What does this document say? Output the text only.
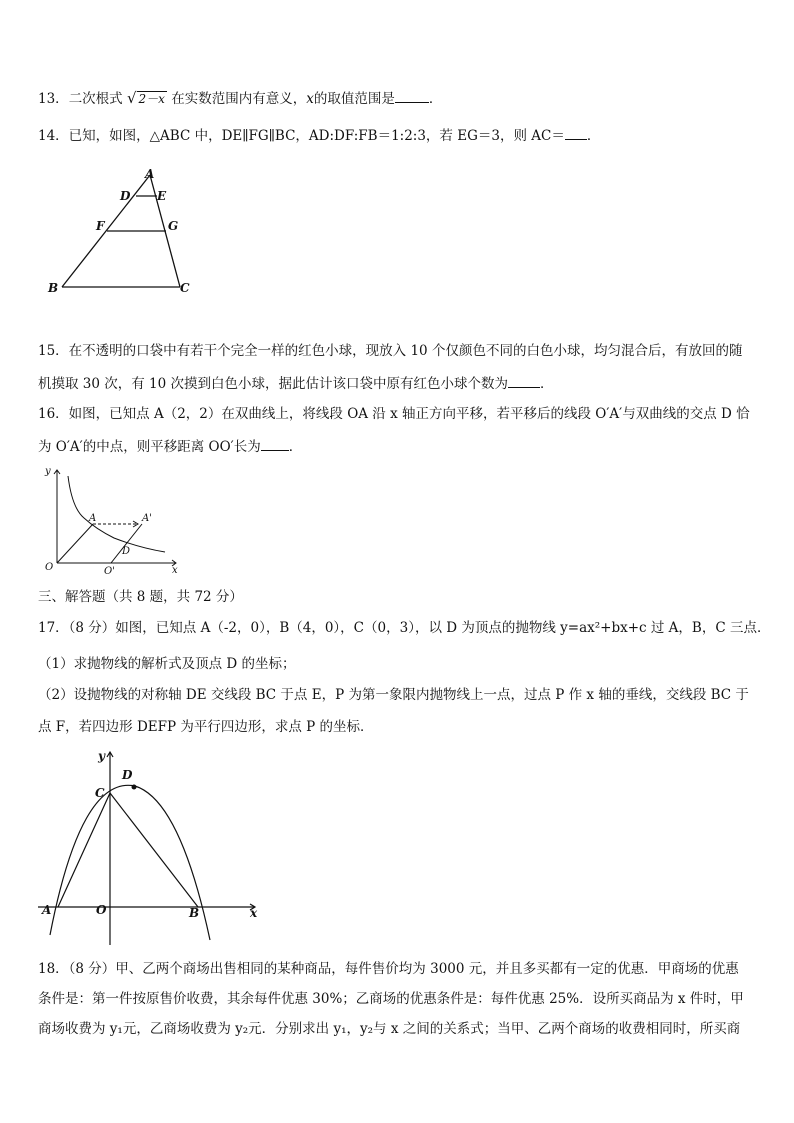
13．二次根式 √ 2－x 在实数范围内有意义，x的取值范围是	．
14．已知，如图，△ABC 中，DE∥FG∥BC，AD:DF:FB＝1:2:3，若 EG＝3，则 AC＝ ．
A
D E
F	G
B	C
15．在不透明的口袋中有若干个完全一样的红色小球，现放入 10 个仅颜色不同的白色小球，均匀混合后，有放回的随
机摸取 30 次，有 10 次摸到白色小球，据此估计该口袋中原有红色小球个数为 ．
16．如图，已知点 A（2，2）在双曲线上，将线段 OA 沿 x 轴正方向平移，若平移后的线段 O′A′与双曲线的交点 D 恰
为 O′A′的中点，则平移距离 OO′长为 ．
y
x
O	O'
A	A'
D
三、解答题（共 8 题，共 72 分）
17．（8 分）如图，已知点 A（-2，0），B（4，0），C（0，3），以 D 为顶点的抛物线 y=ax²+bx+c 过 A，B，C 三点．
（1）求抛物线的解析式及顶点 D 的坐标；
（2）设抛物线的对称轴 DE 交线段 BC 于点 E，P 为第一象限内抛物线上一点，过点 P 作 x 轴的垂线，交线段 BC 于
点 F，若四边形 DEFP 为平行四边形，求点 P 的坐标．
D
C
A	O	B	x
y
18．（8 分）甲、乙两个商场出售相同的某种商品，每件售价均为 3000 元，并且多买都有一定的优惠．甲商场的优惠
条件是：第一件按原售价收费，其余每件优惠 30%；乙商场的优惠条件是：每件优惠 25%．设所买商品为 x 件时，甲
商场收费为 y₁元，乙商场收费为 y₂元．分别求出 y₁，y₂与 x 之间的关系式；当甲、乙两个商场的收费相同时，所买商
